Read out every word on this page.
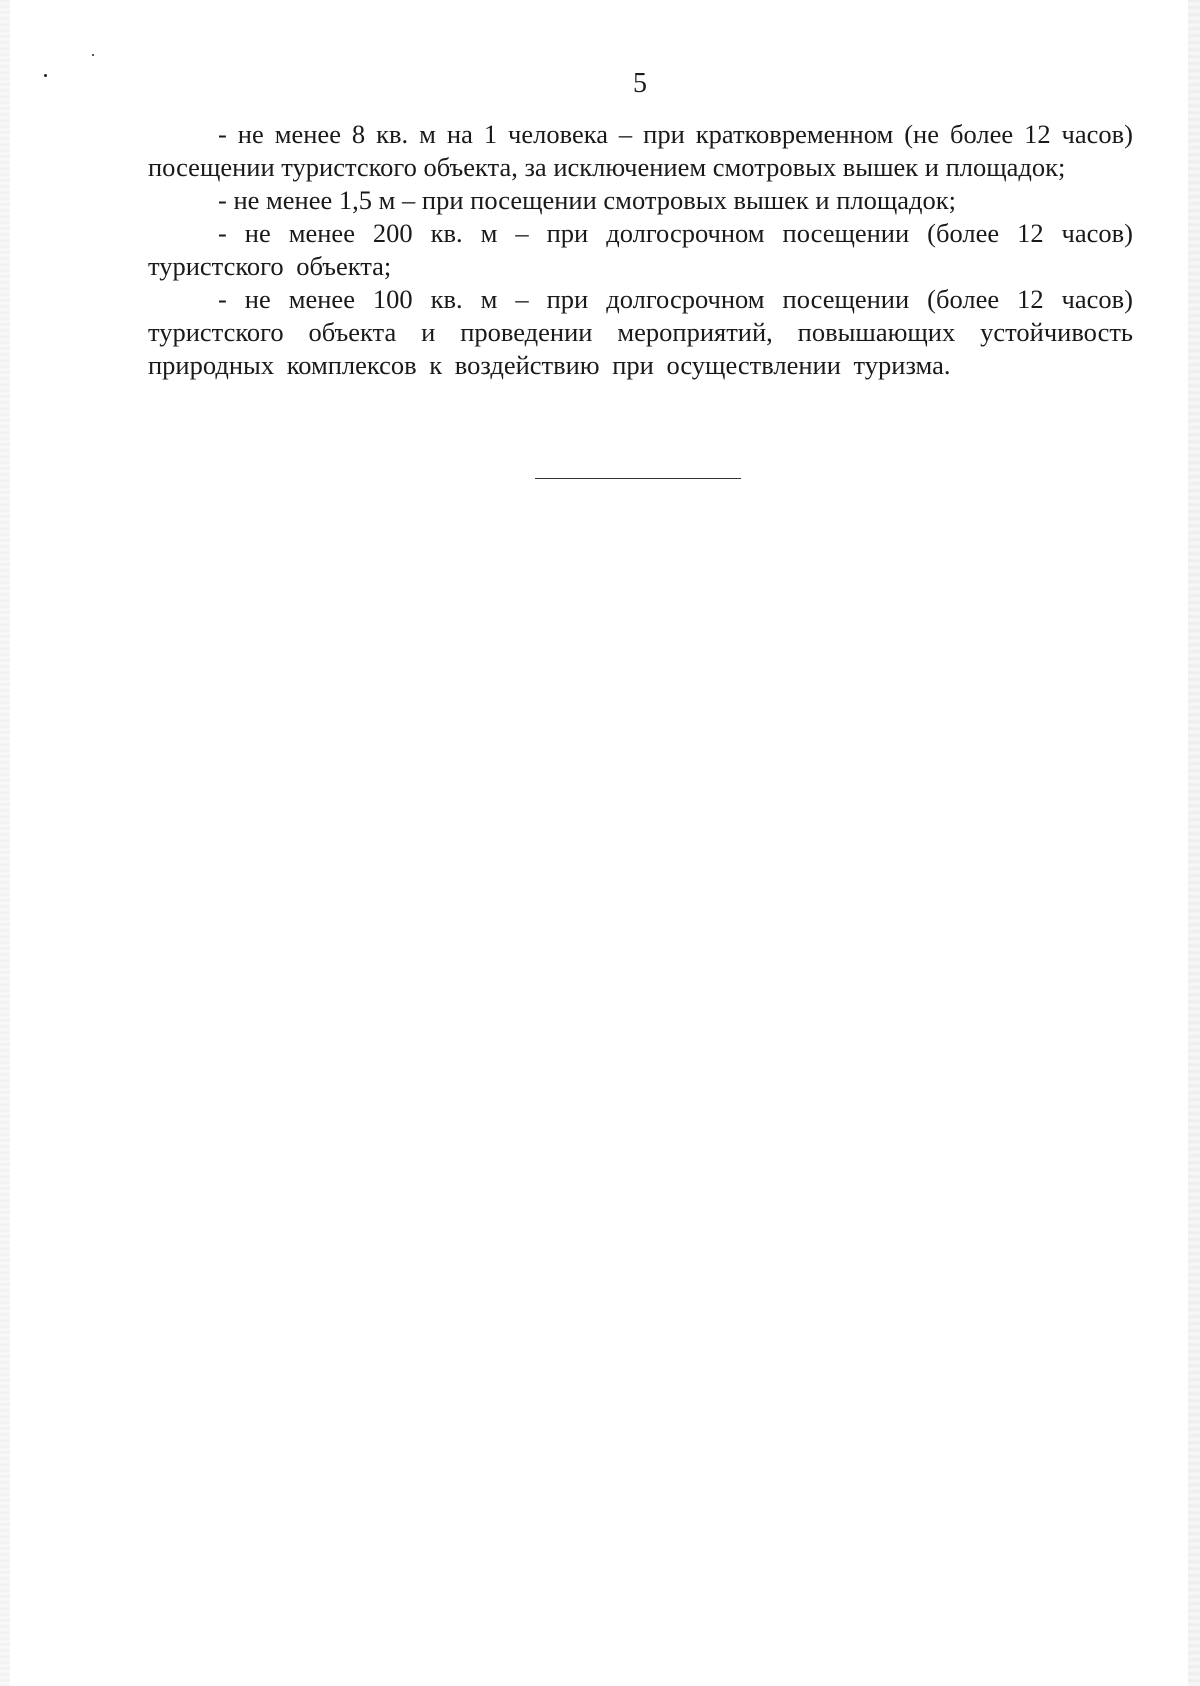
5

- не менее 8 кв. м на 1 человека – при кратковременном (не более 12 часов) посещении туристского объекта, за исключением смотровых вышек и площадок;

- не менее 1,5 м – при посещении смотровых вышек и площадок;

- не менее 200 кв. м – при долгосрочном посещении (более 12 часов) туристского объекта;

- не менее 100 кв. м – при долгосрочном посещении (более 12 часов) туристского объекта и проведении мероприятий, повышающих устойчивость природных комплексов к воздействию при осуществлении туризма.
